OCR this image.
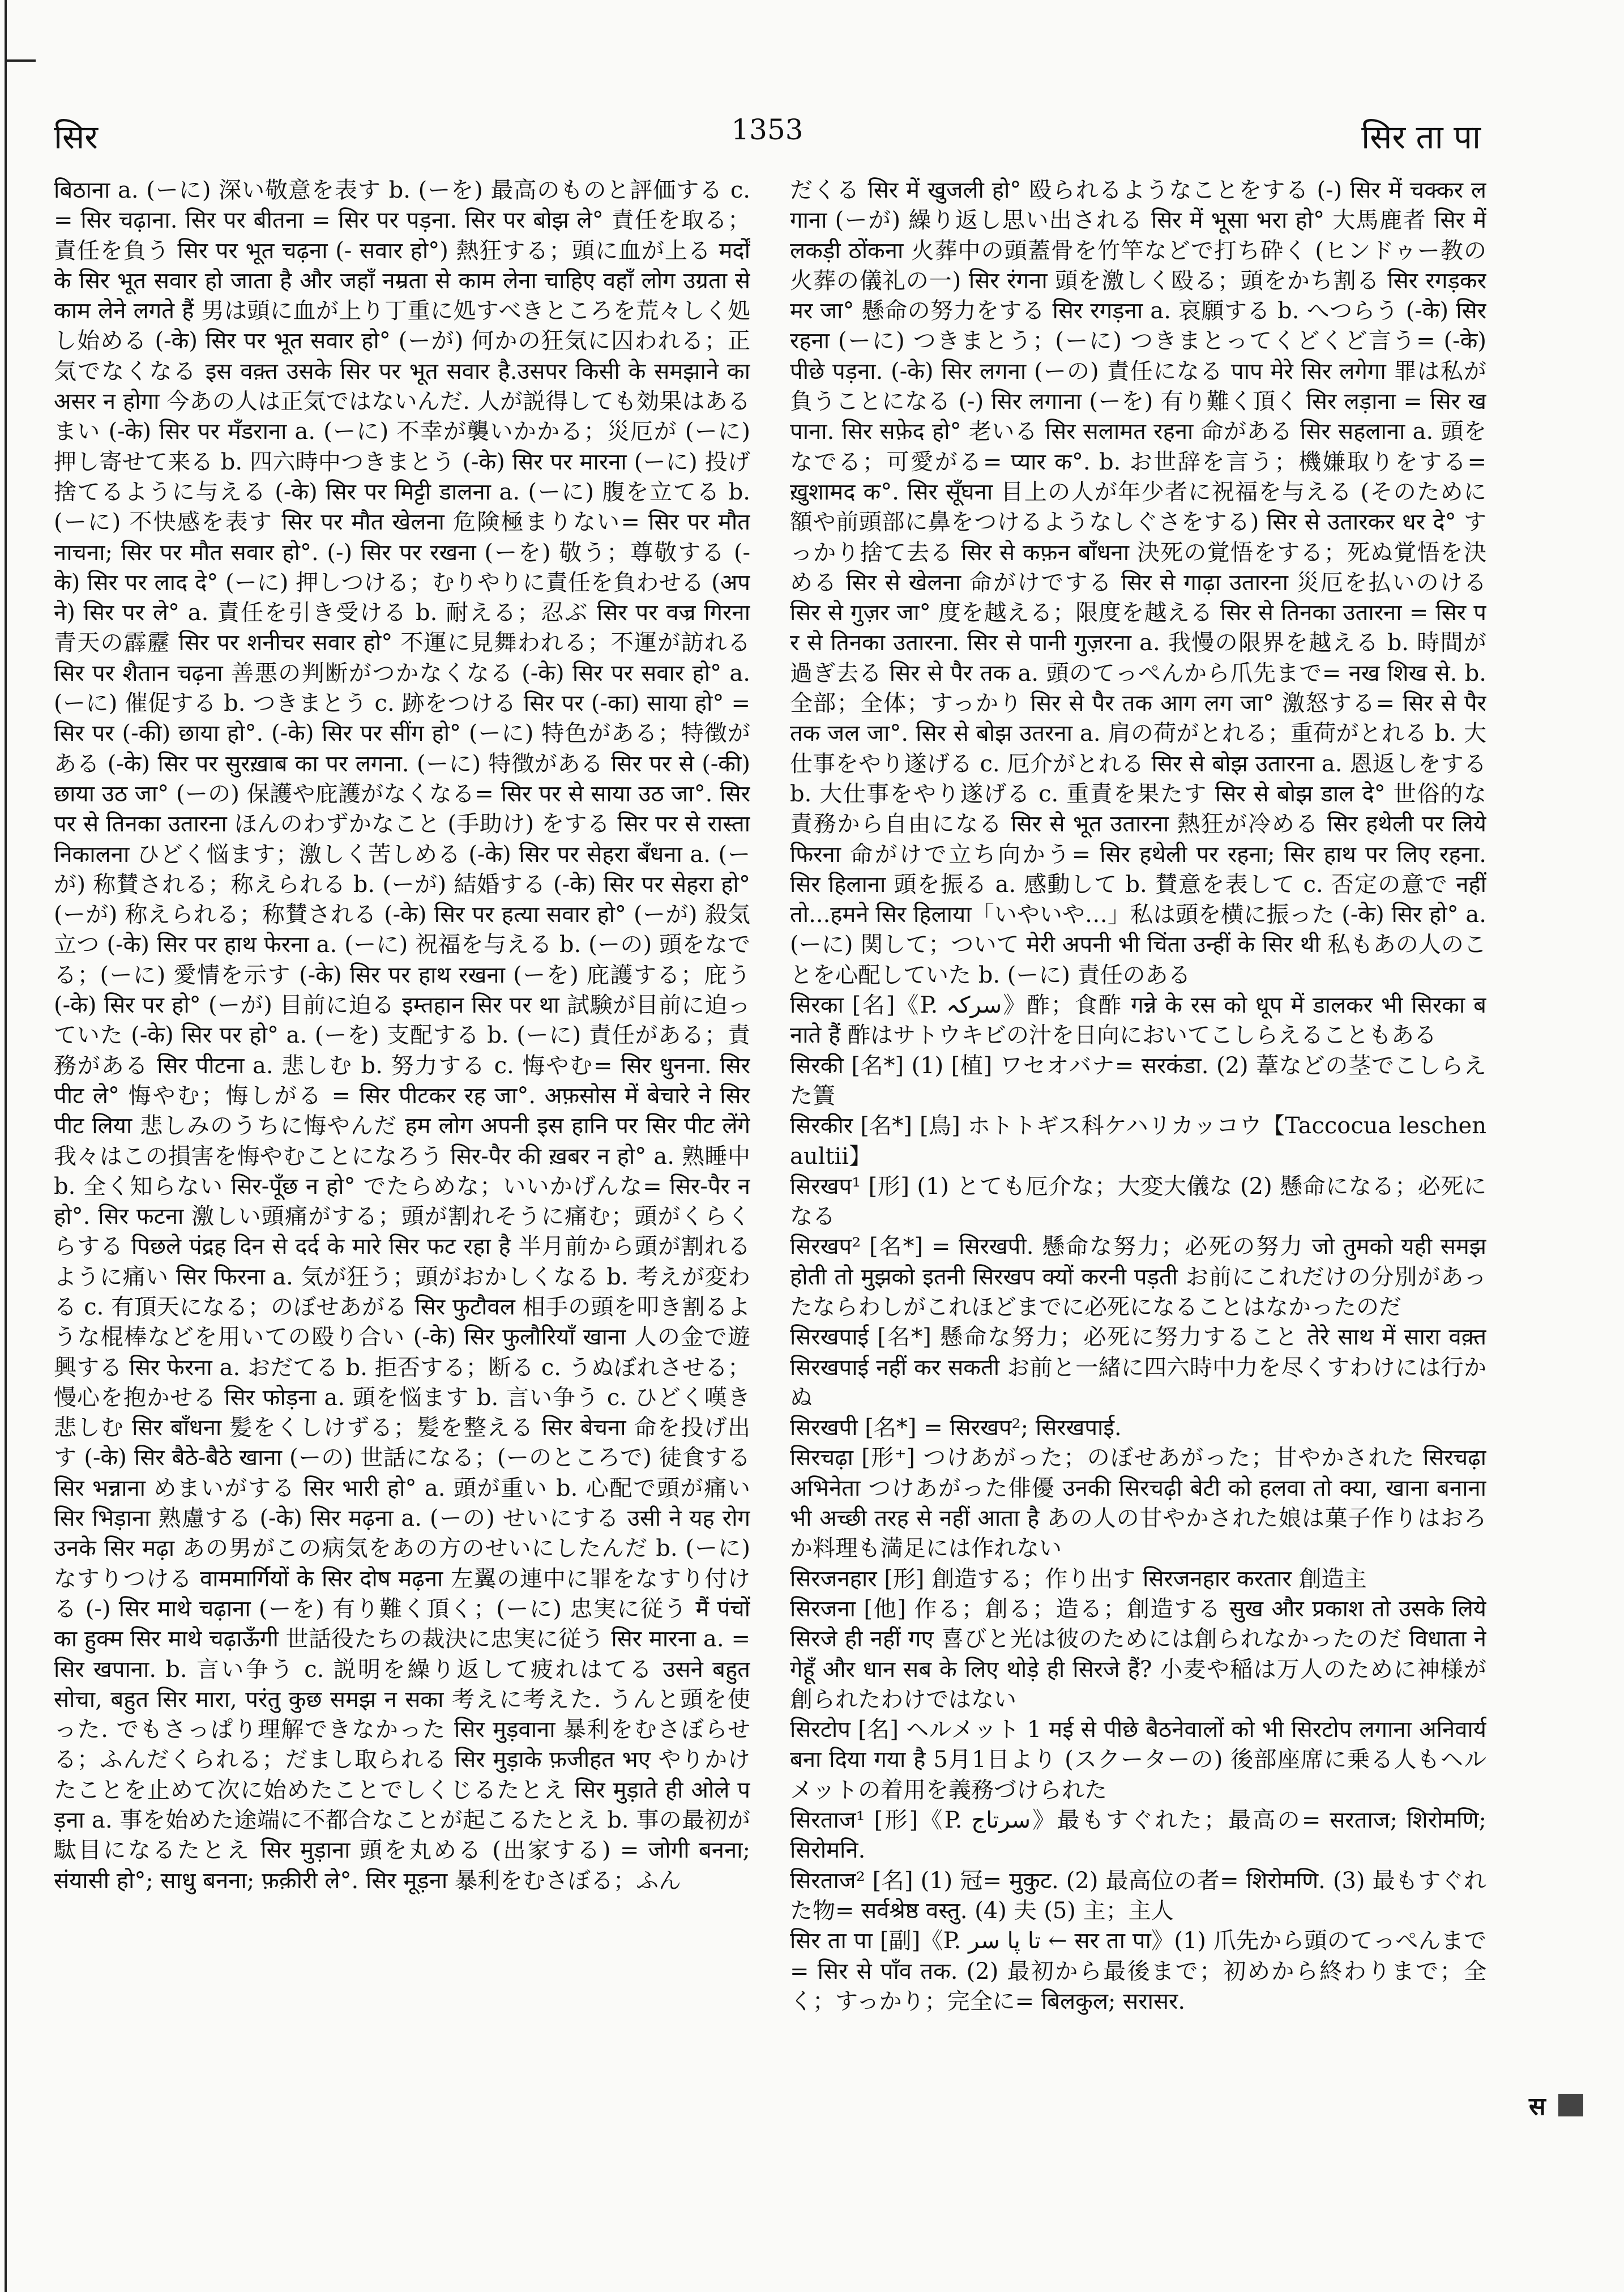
सिर	1353	सिर ता पा

बिठाना a. (ーに) 深い敬意を表す b. (ーを) 最高のものと評価する c. = सिर चढ़ाना. सिर पर बीतना = सिर पर पड़ना. सिर पर बोझ ले° 責任を取る；責任を負う सिर पर भूत चढ़ना (- सवार हो°) 熱狂する；頭に血が上る मर्दों के सिर भूत सवार हो जाता है और जहाँ नम्रता से काम लेना चाहिए वहाँ लोग उग्रता से काम लेने लगते हैं 男は頭に血が上り丁重に処すべきところを荒々しく処し始める (-के) सिर पर भूत सवार हो° (ーが) 何かの狂気に囚われる；正気でなくなる इस वक़्त उसके सिर पर भूत सवार है.उसपर किसी के समझाने का असर न होगा 今あの人は正気ではないんだ. 人が説得しても効果はあるまい (-के) सिर पर मँडराना a. (ーに) 不幸が襲いかかる；災厄が (ーに) 押し寄せて来る b. 四六時中つきまとう (-के) सिर पर मारना (ーに) 投げ捨てるように与える (-के) सिर पर मिट्टी डालना a. (ーに) 腹を立てる b. (ーに) 不快感を表す सिर पर मौत खेलना 危険極まりない= सिर पर मौत नाचना; सिर पर मौत सवार हो°. (-) सिर पर रखना (ーを) 敬う；尊敬する (-के) सिर पर लाद दे° (ーに) 押しつける；むりやりに責任を負わせる (अपने) सिर पर ले° a. 責任を引き受ける b. 耐える；忍ぶ सिर पर वज्र गिरना 青天の霹靂 सिर पर शनीचर सवार हो° 不運に見舞われる；不運が訪れる सिर पर शैतान चढ़ना 善悪の判断がつかなくなる (-के) सिर पर सवार हो° a. (ーに) 催促する b. つきまとう c. 跡をつける सिर पर (-का) साया हो° = सिर पर (-की) छाया हो°. (-के) सिर पर सींग हो° (ーに) 特色がある；特徴がある (-के) सिर पर सुरख़ाब का पर लगना. (ーに) 特徴がある सिर पर से (-की) छाया उठ जा° (ーの) 保護や庇護がなくなる= सिर पर से साया उठ जा°. सिर पर से तिनका उतारना ほんのわずかなこと (手助け) をする सिर पर से रास्ता निकालना ひどく悩ます；激しく苦しめる (-के) सिर पर सेहरा बँधना a. (ーが) 称賛される；称えられる b. (ーが) 結婚する (-के) सिर पर सेहरा हो° (ーが) 称えられる；称賛される (-के) सिर पर हत्या सवार हो° (ーが) 殺気立つ (-के) सिर पर हाथ फेरना a. (ーに) 祝福を与える b. (ーの) 頭をなでる；(ーに) 愛情を示す (-के) सिर पर हाथ रखना (ーを) 庇護する；庇う (-के) सिर पर हो° (ーが) 目前に迫る इम्तहान सिर पर था 試験が目前に迫っていた (-के) सिर पर हो° a. (ーを) 支配する b. (ーに) 責任がある；責務がある सिर पीटना a. 悲しむ b. 努力する c. 悔やむ= सिर धुनना. सिर पीट ले° 悔やむ；悔しがる = सिर पीटकर रह जा°. अफ़सोस में बेचारे ने सिर पीट लिया 悲しみのうちに悔やんだ हम लोग अपनी इस हानि पर सिर पीट लेंगे 我々はこの損害を悔やむことになろう सिर-पैर की ख़बर न हो° a. 熟睡中 b. 全く知らない सिर-पूँछ न हो° でたらめな；いいかげんな= सिर-पैर न हो°. सिर फटना 激しい頭痛がする；頭が割れそうに痛む；頭がくらくらする पिछले पंद्रह दिन से दर्द के मारे सिर फट रहा है 半月前から頭が割れるように痛い सिर फिरना a. 気が狂う；頭がおかしくなる b. 考えが変わる c. 有頂天になる；のぼせあがる सिर फुटौवल 相手の頭を叩き割るような棍棒などを用いての殴り合い (-के) सिर फुलौरियाँ खाना 人の金で遊興する सिर फेरना a. おだてる b. 拒否する；断る c. うぬぼれさせる；慢心を抱かせる सिर फोड़ना a. 頭を悩ます b. 言い争う c. ひどく嘆き悲しむ सिर बाँधना 髪をくしけずる；髪を整える सिर बेचना 命を投げ出す (-के) सिर बैठे-बैठे खाना (ーの) 世話になる；(ーのところで) 徒食する सिर भन्नाना めまいがする सिर भारी हो° a. 頭が重い b. 心配で頭が痛い सिर भिड़ाना 熟慮する (-के) सिर मढ़ना a. (ーの) せいにする उसी ने यह रोग उनके सिर मढ़ा あの男がこの病気をあの方のせいにしたんだ b. (ーに) なすりつける वाममार्गियों के सिर दोष मढ़ना 左翼の連中に罪をなすり付ける (-) सिर माथे चढ़ाना (ーを) 有り難く頂く；(ーに) 忠実に従う मैं पंचों का हुक्म सिर माथे चढ़ाऊँगी 世話役たちの裁決に忠実に従う सिर मारना a. = सिर खपाना. b. 言い争う c. 説明を繰り返して疲れはてる उसने बहुत सोचा, बहुत सिर मारा, परंतु कुछ समझ न सका 考えに考えた. うんと頭を使った. でもさっぱり理解できなかった सिर मुड़वाना 暴利をむさぼらせる；ふんだくられる；だまし取られる सिर मुड़ाके फ़जीहत भए やりかけたことを止めて次に始めたことでしくじるたとえ सिर मुड़ाते ही ओले पड़ना a. 事を始めた途端に不都合なことが起こるたとえ b. 事の最初が駄目になるたとえ सिर मुड़ाना 頭を丸める (出家する) = जोगी बनना; संयासी हो°; साधु बनना; फ़क़ीरी ले°. सिर मूड़ना 暴利をむさぼる；ふん

だくる सिर में खुजली हो° 殴られるようなことをする (-) सिर में चक्कर लगाना (ーが) 繰り返し思い出される सिर में भूसा भरा हो° 大馬鹿者 सिर में लकड़ी ठोंकना 火葬中の頭蓋骨を竹竿などで打ち砕く (ヒンドゥー教の火葬の儀礼の一) सिर रंगना 頭を激しく殴る；頭をかち割る सिर रगड़कर मर जा° 懸命の努力をする सिर रगड़ना a. 哀願する b. へつらう (-के) सिर रहना (ーに) つきまとう；(ーに) つきまとってくどくど言う= (-के) पीछे पड़ना. (-के) सिर लगना (ーの) 責任になる पाप मेरे सिर लगेगा 罪は私が負うことになる (-) सिर लगाना (ーを) 有り難く頂く सिर लड़ाना = सिर खपाना. सिर सफ़ेद हो° 老いる सिर सलामत रहना 命がある सिर सहलाना a. 頭をなでる；可愛がる= प्यार क°. b. お世辞を言う；機嫌取りをする= ख़ुशामद क°. सिर सूँघना 目上の人が年少者に祝福を与える (そのために額や前頭部に鼻をつけるようなしぐさをする) सिर से उतारकर धर दे° すっかり捨て去る सिर से कफ़न बाँधना 決死の覚悟をする；死ぬ覚悟を決める सिर से खेलना 命がけでする सिर से गाढ़ा उतारना 災厄を払いのける सिर से गुज़र जा° 度を越える；限度を越える सिर से तिनका उतारना = सिर पर से तिनका उतारना. सिर से पानी गुज़रना a. 我慢の限界を越える b. 時間が過ぎ去る सिर से पैर तक a. 頭のてっぺんから爪先まで= नख शिख से. b. 全部；全体；すっかり सिर से पैर तक आग लग जा° 激怒する= सिर से पैर तक जल जा°. सिर से बोझ उतरना a. 肩の荷がとれる；重荷がとれる b. 大仕事をやり遂げる c. 厄介がとれる सिर से बोझ उतारना a. 恩返しをする b. 大仕事をやり遂げる c. 重責を果たす सिर से बोझ डाल दे° 世俗的な責務から自由になる सिर से भूत उतारना 熱狂が冷める सिर हथेली पर लिये फिरना 命がけで立ち向かう= सिर हथेली पर रहना; सिर हाथ पर लिए रहना. सिर हिलाना 頭を振る a. 感動して b. 賛意を表して c. 否定の意で नहीं तो...हमने सिर हिलाया「いやいや…」私は頭を横に振った (-के) सिर हो° a. (ーに) 関して；ついて मेरी अपनी भी चिंता उन्हीं के सिर थी 私もあの人のことを心配していた b. (ーに) 責任のある

सिरका [名]《P. سرکہ》酢；食酢 गन्ने के रस को धूप में डालकर भी सिरका बनाते हैं 酢はサトウキビの汁を日向においてこしらえることもある

सिरकी [名*] (1) [植] ワセオバナ= सरकंडा. (2) 葦などの茎でこしらえた簀

सिरकीर [名*] [鳥] ホトトギス科ケハリカッコウ【Taccocua leschenaultii】

सिरखप¹ [形] (1) とても厄介な；大変大儀な (2) 懸命になる；必死になる

सिरखप² [名*] = सिरखपी. 懸命な努力；必死の努力 जो तुमको यही समझ होती तो मुझको इतनी सिरखप क्यों करनी पड़ती お前にこれだけの分別があったならわしがこれほどまでに必死になることはなかったのだ

सिरखपाई [名*] 懸命な努力；必死に努力すること तेरे साथ में सारा वक़्त सिरखपाई नहीं कर सकती お前と一緒に四六時中力を尽くすわけには行かぬ

सिरखपी [名*] = सिरखप²; सिरखपाई.

सिरचढ़ा [形⁺] つけあがった；のぼせあがった；甘やかされた सिरचढ़ा अभिनेता つけあがった俳優 उनकी सिरचढ़ी बेटी को हलवा तो क्या, खाना बनाना भी अच्छी तरह से नहीं आता है あの人の甘やかされた娘は菓子作りはおろか料理も満足には作れない

सिरजनहार [形] 創造する；作り出す सिरजनहार करतार 創造主

सिरजना [他] 作る；創る；造る；創造する सुख और प्रकाश तो उसके लिये सिरजे ही नहीं गए 喜びと光は彼のためには創られなかったのだ विधाता ने गेहूँ और धान सब के लिए थोड़े ही सिरजे हैं? 小麦や稲は万人のために神様が創られたわけではない

सिरटोप [名] ヘルメット 1 मई से पीछे बैठनेवालों को भी सिरटोप लगाना अनिवार्य बना दिया गया है 5月1日より (スクーターの) 後部座席に乗る人もヘルメットの着用を義務づけられた

सिरताज¹ [形]《P. سرتاج》最もすぐれた；最高の= सरताज; शिरोमणि; सिरोमनि.

सिरताज² [名] (1) 冠= मुकुट. (2) 最高位の者= शिरोमणि. (3) 最もすぐれた物= सर्वश्रेष्ठ वस्तु. (4) 夫 (5) 主；主人

सिर ता पा [副]《P. تا پا سر ← सर ता पा》(1) 爪先から頭のてっぺんまで= सिर से पाँव तक. (2) 最初から最後まで；初めから終わりまで；全く；すっかり；完全に= बिलकुल; सरासर.

स
